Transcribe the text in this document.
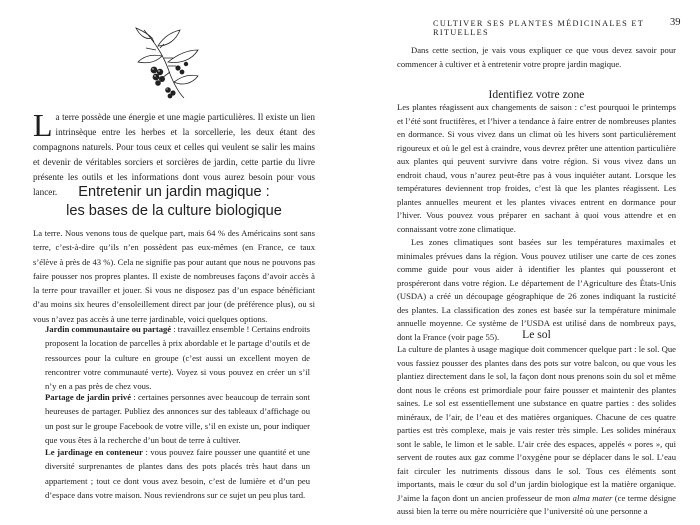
La terre possède une énergie et une magie particulières. Il existe un lien intrinsèque entre les herbes et la sorcellerie, les deux étant des compagnons naturels. Pour tous ceux et celles qui veulent se salir les mains et devenir de véritables sorciers et sorcières de jardin, cette partie du livre présente les outils et les informations dont vous aurez besoin pour vous lancer.	Entretenir un jardin magique :
les bases de la culture biologique

La terre. Nous venons tous de quelque part, mais 64 % des Américains sont sans terre, c’est-à-dire qu’ils n’en possèdent pas eux-mêmes (en France, ce taux s’élève à près de 43 %). Cela ne signifie pas pour autant que nous ne pouvons pas faire pousser nos propres plantes. Il existe de nombreuses façons d’avoir accès à la terre pour travailler et jouer. Si vous ne disposez pas d’un espace bénéficiant d’au moins six heures d’ensoleillement direct par jour (de préférence plus), ou si vous n’avez pas accès à une terre jardinable, voici quelques options.

Jardin communautaire ou partagé : travaillez ensemble ! Certains endroits proposent la location de parcelles à prix abordable et le partage d’outils et de ressources pour la culture en groupe (c’est aussi un excellent moyen de rencontrer votre communauté verte). Voyez si vous pouvez en créer un s’il n’y en a pas près de chez vous.

Partage de jardin privé : certaines personnes avec beaucoup de terrain sont heureuses de partager. Publiez des annonces sur des tableaux d’affichage ou un post sur le groupe Facebook de votre ville, s’il en existe un, pour indiquer que vous êtes à la recherche d’un bout de terre à cultiver.

Le jardinage en conteneur : vous pouvez faire pousser une quantité et une diversité surprenantes de plantes dans des pots placés très haut dans un appartement ; tout ce dont vous avez besoin, c’est de lumière et d’un peu d’espace dans votre maison. Nous reviendrons sur ce sujet un peu plus tard.

CULTIVER SES PLANTES MÉDICINALES ET RITUELLES

39

Dans cette section, je vais vous expliquer ce que vous devez savoir pour commencer à cultiver et à entretenir votre propre jardin magique.

Identifiez votre zone

Les plantes réagissent aux changements de saison : c’est pourquoi le printemps et l’été sont fructifères, et l’hiver a tendance à faire entrer de nombreuses plantes en dormance. Si vous vivez dans un climat où les hivers sont particulièrement rigoureux et où le gel est à craindre, vous devrez prêter une attention particulière aux plantes qui peuvent survivre dans votre région. Si vous vivez dans un endroit chaud, vous n’aurez peut-être pas à vous inquiéter autant. Lorsque les températures deviennent trop froides, c’est là que les plantes réagissent. Les plantes annuelles meurent et les plantes vivaces entrent en dormance pour l’hiver. Vous pouvez vous préparer en sachant à quoi vous attendre et en connaissant votre zone climatique.
Les zones climatiques sont basées sur les températures maximales et minimales prévues dans la région. Vous pouvez utiliser une carte de ces zones comme guide pour vous aider à identifier les plantes qui pousseront et prospéreront dans votre région. Le département de l’Agriculture des États-Unis (USDA) a créé un découpage géographique de 26 zones indiquant la rusticité des plantes. La classification des zones est basée sur la température minimale annuelle moyenne. Ce système de l’USDA est utilisé dans de nombreux pays, dont la France (voir page 55).	Le sol

La culture de plantes à usage magique doit commencer quelque part : le sol. Que vous fassiez pousser des plantes dans des pots sur votre balcon, ou que vous les plantiez directement dans le sol, la façon dont nous prenons soin du sol et même dont nous le créons est primordiale pour faire pousser et maintenir des plantes saines. Le sol est essentiellement une substance en quatre parties : des solides minéraux, de l’air, de l’eau et des matières organiques. Chacune de ces quatre parties est très complexe, mais je vais rester très simple. Les solides minéraux sont le sable, le limon et le sable. L’air crée des espaces, appelés « pores », qui servent de routes aux gaz comme l’oxygène pour se déplacer dans le sol. L’eau fait circuler les nutriments dissous dans le sol. Tous ces éléments sont importants, mais le cœur du sol d’un jardin biologique est la matière organique. J’aime la façon dont un ancien professeur de mon alma mater (ce terme désigne aussi bien la terre ou mère nourricière que l’université où une personne a
